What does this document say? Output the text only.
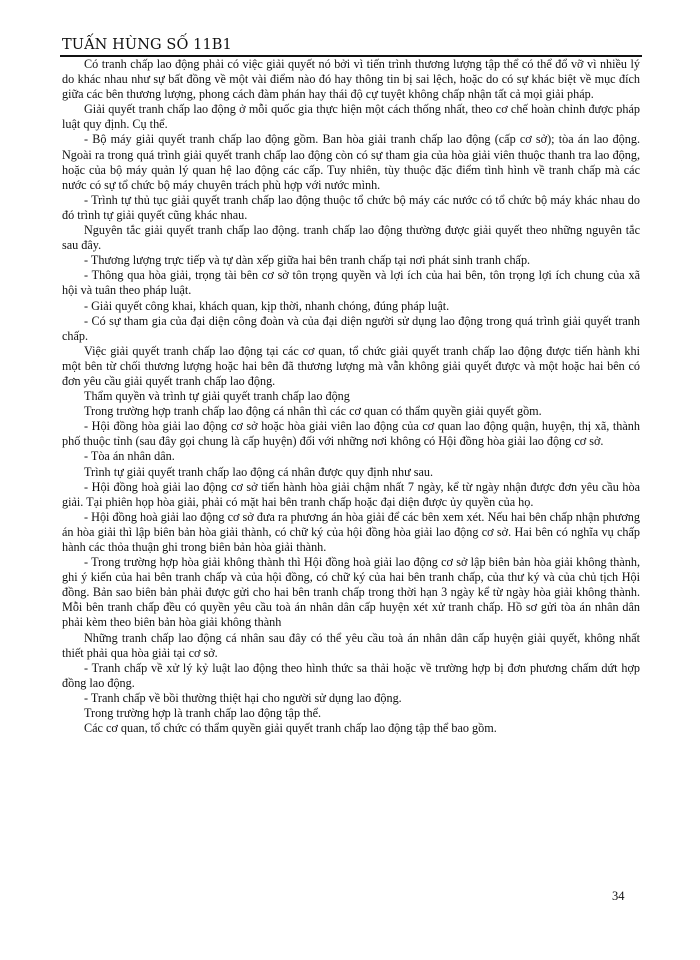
TUẤN HÙNG SỐ 11B1

Có tranh chấp lao động phải có việc giải quyết nó bởi vì tiến trình thương lượng tập thể có thể đổ vỡ vì nhiều lý do khác nhau như sự bất đồng về một vài điểm nào đó hay thông tin bị sai lệch, hoặc do có sự khác biệt về mục đích giữa các bên thương lượng, phong cách đàm phán hay thái độ cự tuyệt không chấp nhận tất cả mọi giải pháp.

Giải quyết tranh chấp lao động ở mỗi quốc gia thực hiện một cách thống nhất, theo cơ chế hoàn chỉnh được pháp luật quy định. Cụ thể.

- Bộ máy giải quyết tranh chấp lao động gồm. Ban hòa giải tranh chấp lao động (cấp cơ sở); tòa án lao động. Ngoài ra trong quá trình giải quyết tranh chấp lao động còn có sự tham gia của hòa giải viên thuộc thanh tra lao động, hoặc của bộ máy quản lý quan hệ lao động các cấp. Tuy nhiên, tùy thuộc đặc điểm tình hình về tranh chấp mà các nước có sự tổ chức bộ máy chuyên trách phù hợp với nước mình.

- Trình tự thủ tục giải quyết tranh chấp lao động thuộc tổ chức bộ máy các nước có tổ chức bộ máy khác nhau do đó trình tự giải quyết cũng khác nhau.

Nguyên tắc giải quyết tranh chấp lao động. tranh chấp lao động thường được giải quyết theo những nguyên tắc sau đây.

- Thương lượng trực tiếp và tự dàn xếp giữa hai bên tranh chấp tại nơi phát sinh tranh chấp.

- Thông qua hòa giải, trọng tài bên cơ sở tôn trọng quyền và lợi ích của hai bên, tôn trọng lợi ích chung của xã hội và tuân theo pháp luật.

- Giải quyết công khai, khách quan, kịp thời, nhanh chóng, đúng pháp luật.

- Có sự tham gia của đại diện công đoàn và của đại diện người sử dụng lao động trong quá trình giải quyết tranh chấp.

Việc giải quyết tranh chấp lao động tại các cơ quan, tổ chức giải quyết tranh chấp lao động được tiến hành khi một bên từ chối thương lượng hoặc hai bên đã thương lượng mà vẫn không giải quyết được và một hoặc hai bên có đơn yêu cầu giải quyết tranh chấp lao động.

Thẩm quyền và trình tự giải quyết tranh chấp lao động

Trong trường hợp tranh chấp lao động cá nhân thì các cơ quan có thẩm quyền giải quyết gồm.

- Hội đồng hòa giải lao động cơ sở hoặc hòa giải viên lao động của cơ quan lao động quận, huyện, thị xã, thành phố thuộc tỉnh (sau đây gọi chung là cấp huyện) đối với những nơi không có Hội đồng hòa giải lao động cơ sở.

- Tòa án nhân dân.

Trình tự giải quyết tranh chấp lao động cá nhân được quy định như sau.

- Hội đồng hoà giải lao động cơ sở tiến hành hòa giải chậm nhất 7 ngày, kể từ ngày nhận được đơn yêu cầu hòa giải. Tại phiên họp hòa giải, phải có mặt hai bên tranh chấp hoặc đại diện được ủy quyền của họ.

- Hội đồng hoà giải lao động cơ sở đưa ra phương án hòa giải để các bên xem xét. Nếu hai bên chấp nhận phương án hòa giải thì lập biên bản hòa giải thành, có chữ ký của hội đồng hòa giải lao động cơ sở. Hai bên có nghĩa vụ chấp hành các thỏa thuận ghi trong biên bản hòa giải thành.

- Trong trường hợp hòa giải không thành thì Hội đồng hoà giải lao động cơ sở lập biên bản hòa giải không thành, ghi ý kiến của hai bên tranh chấp và của hội đồng, có chữ ký của hai bên tranh chấp, của thư ký và của chủ tịch Hội đồng. Bản sao biên bản phải được gửi cho hai bên tranh chấp trong thời hạn 3 ngày kể từ ngày hòa giải không thành. Mỗi bên tranh chấp đều có quyền yêu cầu toà án nhân dân cấp huyện xét xử tranh chấp. Hồ sơ gửi tòa án nhân dân phải kèm theo biên bản hòa giải không thành

Những tranh chấp lao động cá nhân sau đây có thể yêu cầu toà án nhân dân cấp huyện giải quyết, không nhất thiết phải qua hòa giải tại cơ sở.

- Tranh chấp về xử lý kỷ luật lao động theo hình thức sa thải hoặc về trường hợp bị đơn phương chấm dứt hợp đồng lao động.

- Tranh chấp về bồi thường thiệt hại cho người sử dụng lao động.

Trong trường hợp là tranh chấp lao động tập thể.

Các cơ quan, tổ chức có thẩm quyền giải quyết tranh chấp lao động tập thể bao gồm.

34
